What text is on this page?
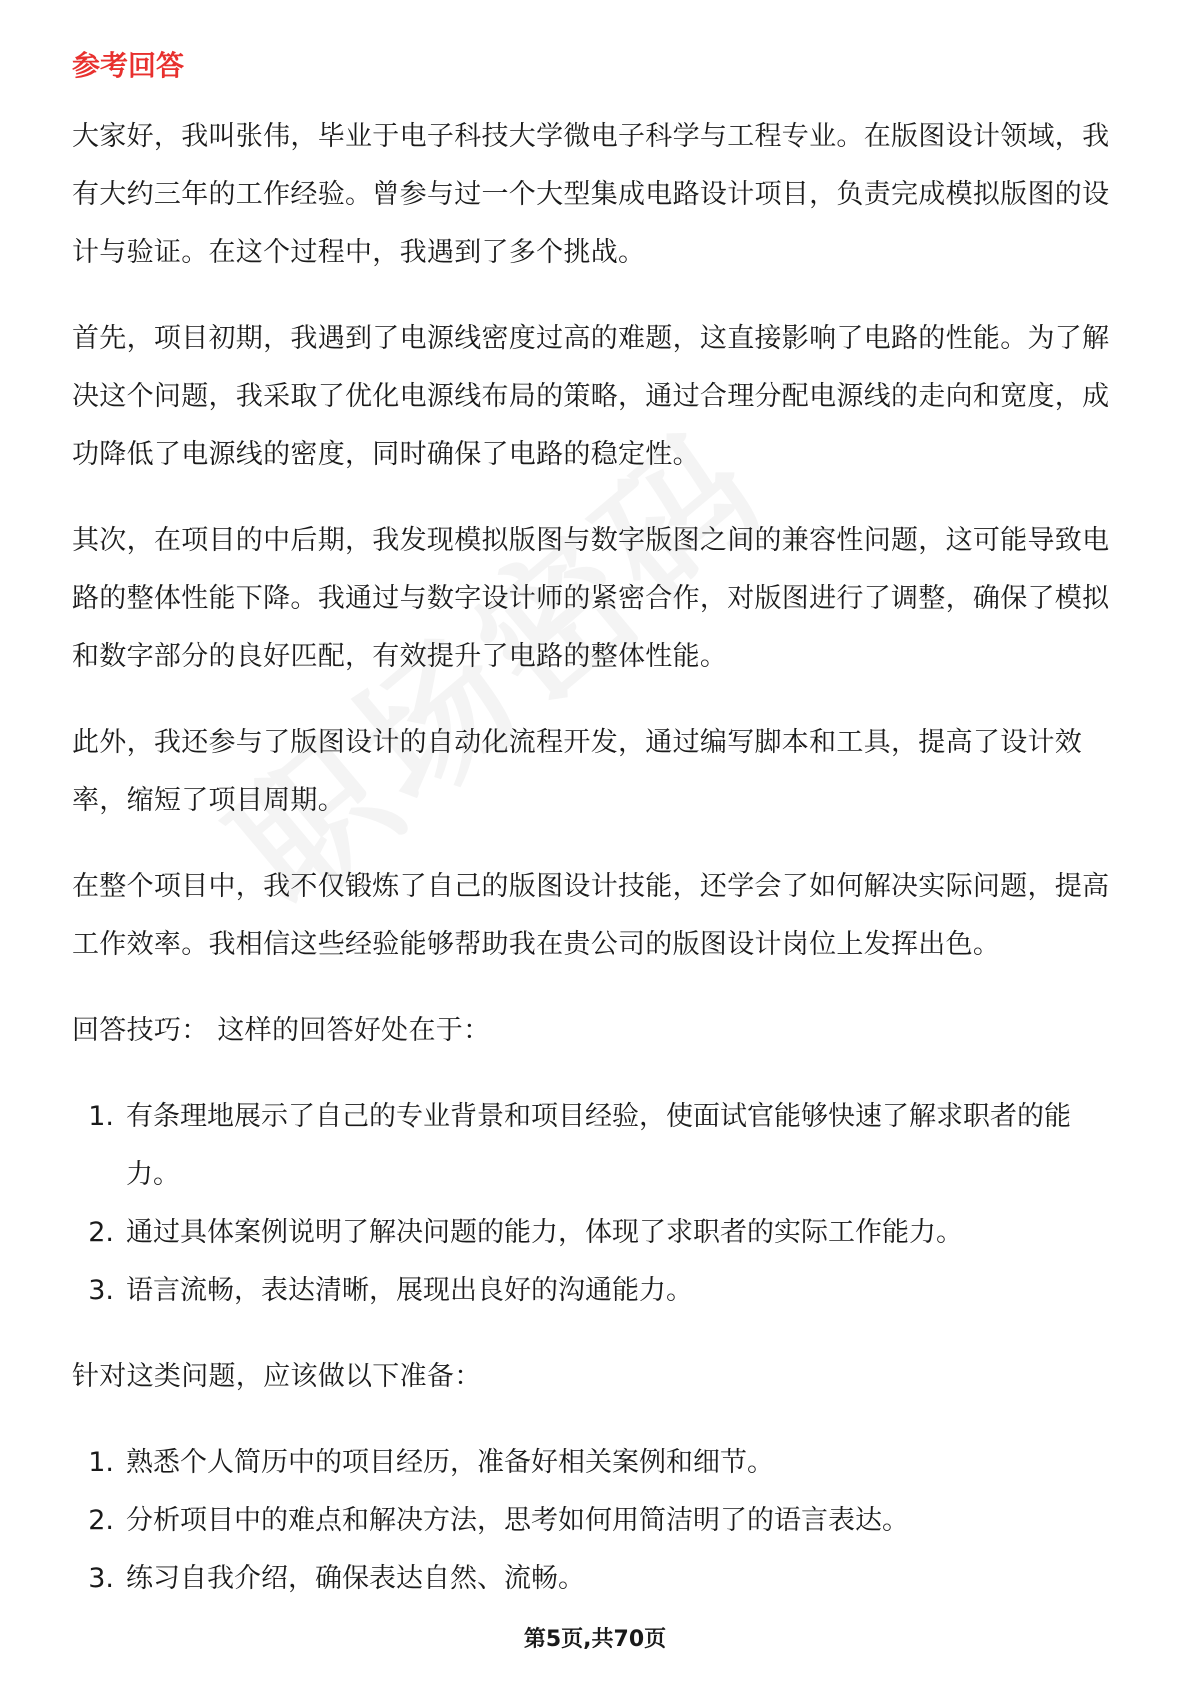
参考回答

大家好，我叫张伟，毕业于电子科技大学微电子科学与工程专业。在版图设计领域，我有大约三年的工作经验。曾参与过一个大型集成电路设计项目，负责完成模拟版图的设计与验证。在这个过程中，我遇到了多个挑战。

首先，项目初期，我遇到了电源线密度过高的难题，这直接影响了电路的性能。为了解决这个问题，我采取了优化电源线布局的策略，通过合理分配电源线的走向和宽度，成功降低了电源线的密度，同时确保了电路的稳定性。

其次，在项目的中后期，我发现模拟版图与数字版图之间的兼容性问题，这可能导致电路的整体性能下降。我通过与数字设计师的紧密合作，对版图进行了调整，确保了模拟和数字部分的良好匹配，有效提升了电路的整体性能。

此外，我还参与了版图设计的自动化流程开发，通过编写脚本和工具，提高了设计效率，缩短了项目周期。

在整个项目中，我不仅锻炼了自己的版图设计技能，还学会了如何解决实际问题，提高工作效率。我相信这些经验能够帮助我在贵公司的版图设计岗位上发挥出色。

回答技巧： 这样的回答好处在于：

1. 有条理地展示了自己的专业背景和项目经验，使面试官能够快速了解求职者的能力。
2. 通过具体案例说明了解决问题的能力，体现了求职者的实际工作能力。
3. 语言流畅，表达清晰，展现出良好的沟通能力。

针对这类问题，应该做以下准备：

1. 熟悉个人简历中的项目经历，准备好相关案例和细节。
2. 分析项目中的难点和解决方法，思考如何用简洁明了的语言表达。
3. 练习自我介绍，确保表达自然、流畅。
第5页,共70页
